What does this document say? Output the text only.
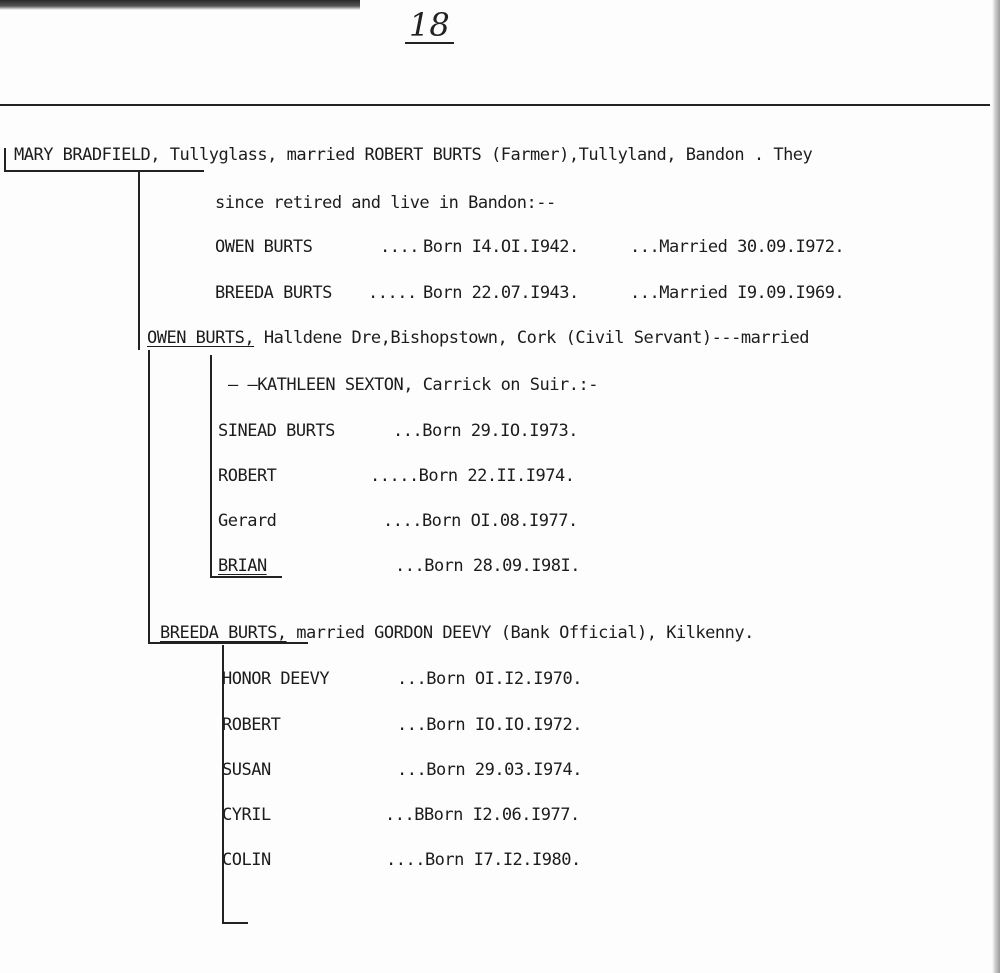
18
MARY BRADFIELD, Tullyglass, married ROBERT BURTS (Farmer),Tullyland, Bandon . They
since retired and live in Bandon:--
OWEN BURTS	.... Born I4.OI.I942.	...Married 30.09.I972.
BREEDA BURTS ..... Born 22.07.I943.	...Married I9.09.I969.
OWEN BURTS, Halldene Dre,Bishopstown, Cork (Civil Servant)---married
— —KATHLEEN SEXTON, Carrick on Suir.:-
SINEAD BURTS	...Born 29.IO.I973.
ROBERT	.....Born 22.II.I974.
Gerard	....Born OI.08.I977.
BRIAN	...Born 28.09.I98I.
BREEDA BURTS, married GORDON DEEVY (Bank Official), Kilkenny.
HONOR DEEVY	...Born OI.I2.I970.
ROBERT	...Born IO.IO.I972.
SUSAN	...Born 29.03.I974.
CYRIL	...BBorn I2.06.I977.
COLIN	....Born I7.I2.I980.
